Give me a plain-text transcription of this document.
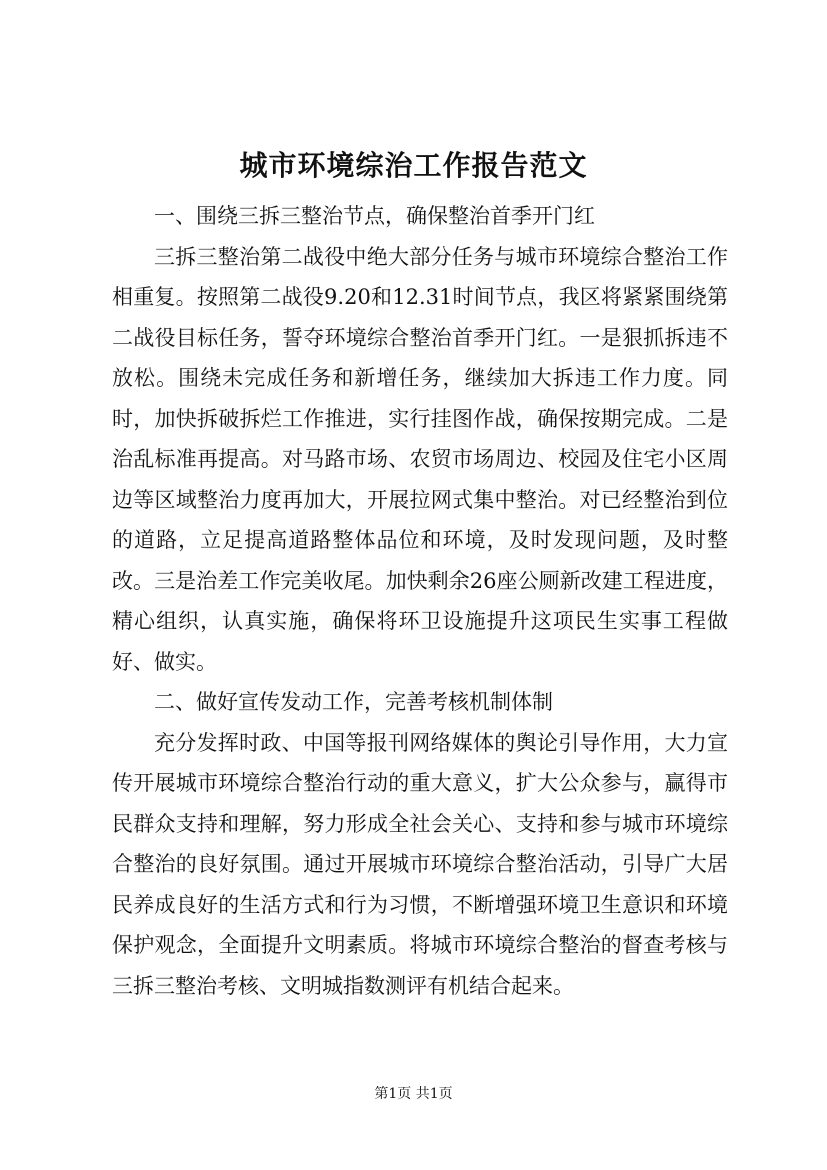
城市环境综治工作报告范文

一、围绕三拆三整治节点，确保整治首季开门红

三拆三整治第二战役中绝大部分任务与城市环境综合整治工作相重复。按照第二战役9.20和12.31时间节点，我区将紧紧围绕第二战役目标任务，誓夺环境综合整治首季开门红。一是狠抓拆违不放松。围绕未完成任务和新增任务，继续加大拆违工作力度。同时，加快拆破拆烂工作推进，实行挂图作战，确保按期完成。二是治乱标准再提高。对马路市场、农贸市场周边、校园及住宅小区周边等区域整治力度再加大，开展拉网式集中整治。对已经整治到位的道路，立足提高道路整体品位和环境，及时发现问题，及时整改。三是治差工作完美收尾。加快剩余26座公厕新改建工程进度，精心组织，认真实施，确保将环卫设施提升这项民生实事工程做好、做实。

二、做好宣传发动工作，完善考核机制体制

充分发挥时政、中国等报刊网络媒体的舆论引导作用，大力宣传开展城市环境综合整治行动的重大意义，扩大公众参与，赢得市民群众支持和理解，努力形成全社会关心、支持和参与城市环境综合整治的良好氛围。通过开展城市环境综合整治活动，引导广大居民养成良好的生活方式和行为习惯，不断增强环境卫生意识和环境保护观念，全面提升文明素质。将城市环境综合整治的督查考核与三拆三整治考核、文明城指数测评有机结合起来。

第1页 共1页
